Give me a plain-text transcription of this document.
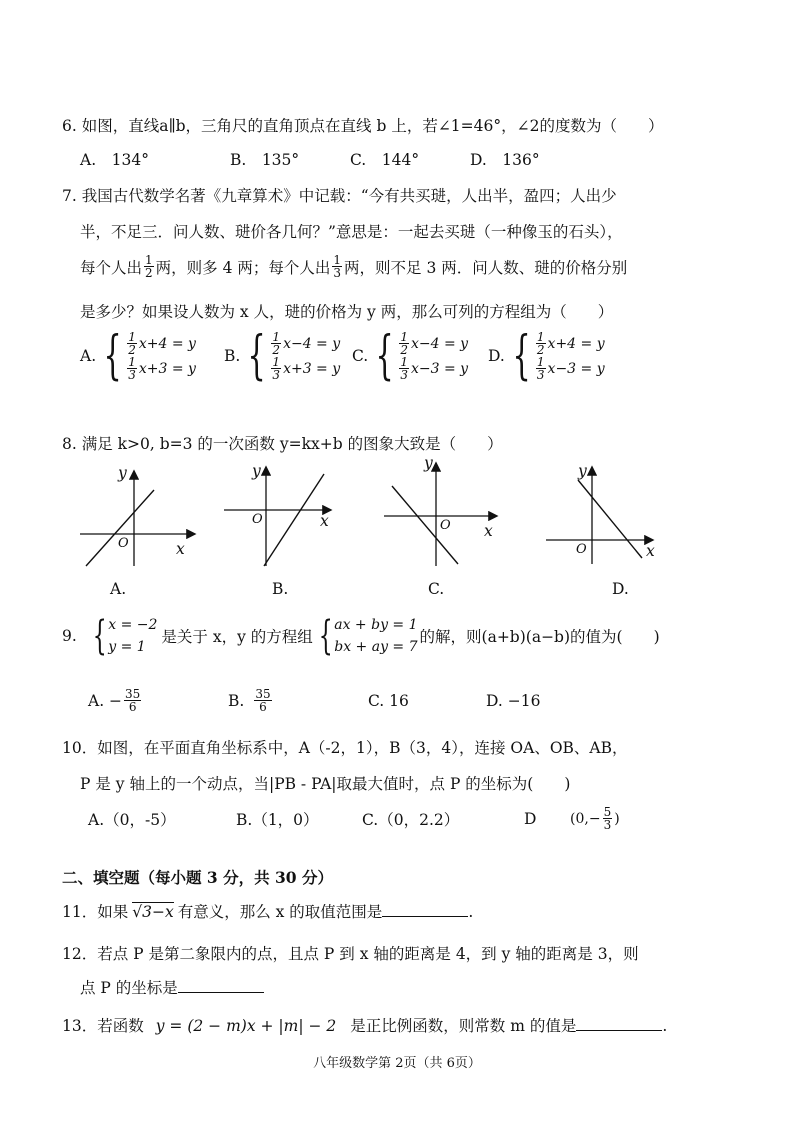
6. 如图，直线a∥b，三角尺的直角顶点在直线 b 上，若∠1=46°，∠2的度数为（　　）
A.　134°	B.　135°	C.　144°	D.　136°
7. 我国古代数学名著《九章算术》中记载：“今有共买琎，人出半，盈四；人出少
半，不足三．问人数、琎价各几何？”意思是：一起去买琎（一种像玉的石头），
每个人出 $\frac{1}{2}$ 两，则多 4 两；每个人出 $\frac{1}{3}$ 两，则不足 3 两．问人数、琎的价格分别
是多少？如果设人数为 x 人，琎的价格为 y 两，那么可列的方程组为（　　）
A. { $\frac{1}{2} x+4 = y$
$\frac{1}{3} x+3 = y$
B. { $\frac{1}{2} x-4 = y$
$\frac{1}{3} x+3 = y$
C. { $\frac{1}{2} x-4 = y$
$\frac{1}{3} x-3 = y$
D. { $\frac{1}{2} x+4 = y$
$\frac{1}{3} x-3 = y$
8. 满足 k>0, b=3 的一次函数 y=kx+b 的图象大致是（　　）
y
x
O
y
x
O
y
x
O
y
x
O
A.	B.	C.	D.
9. { x = −2
y = 1
是关于 x，y 的方程组 { ax + by = 1
bx + ay = 7
的解，则(a+b)(a−b)的值为(　　)
A. − $\frac{35}{6}$	B. $\frac{35}{6}$	C. 16	D. −16
10．如图，在平面直角坐标系中，A（-2，1），B（3，4），连接 OA、OB、AB，
P 是 y 轴上的一个动点，当|PB - PA|取最大值时，点 P 的坐标为(　　)
A.（0，-5）	B.（1，0）	C.（0，2.2）	D	($0,- \frac{5}{3}$ )
二、填空题（每小题 3 分，共 30 分）
11．如果 √3−x 有意义，那么 x 的取值范围是	.
12．若点 P 是第二象限内的点，且点 P 到 x 轴的距离是 4，到 y 轴的距离是 3，则
点 P 的坐标是
13．若函数 y = (2 − m)x + |m| − 2 是正比例函数，则常数 m 的值是	.
八年级数学第 2页（共 6页）
